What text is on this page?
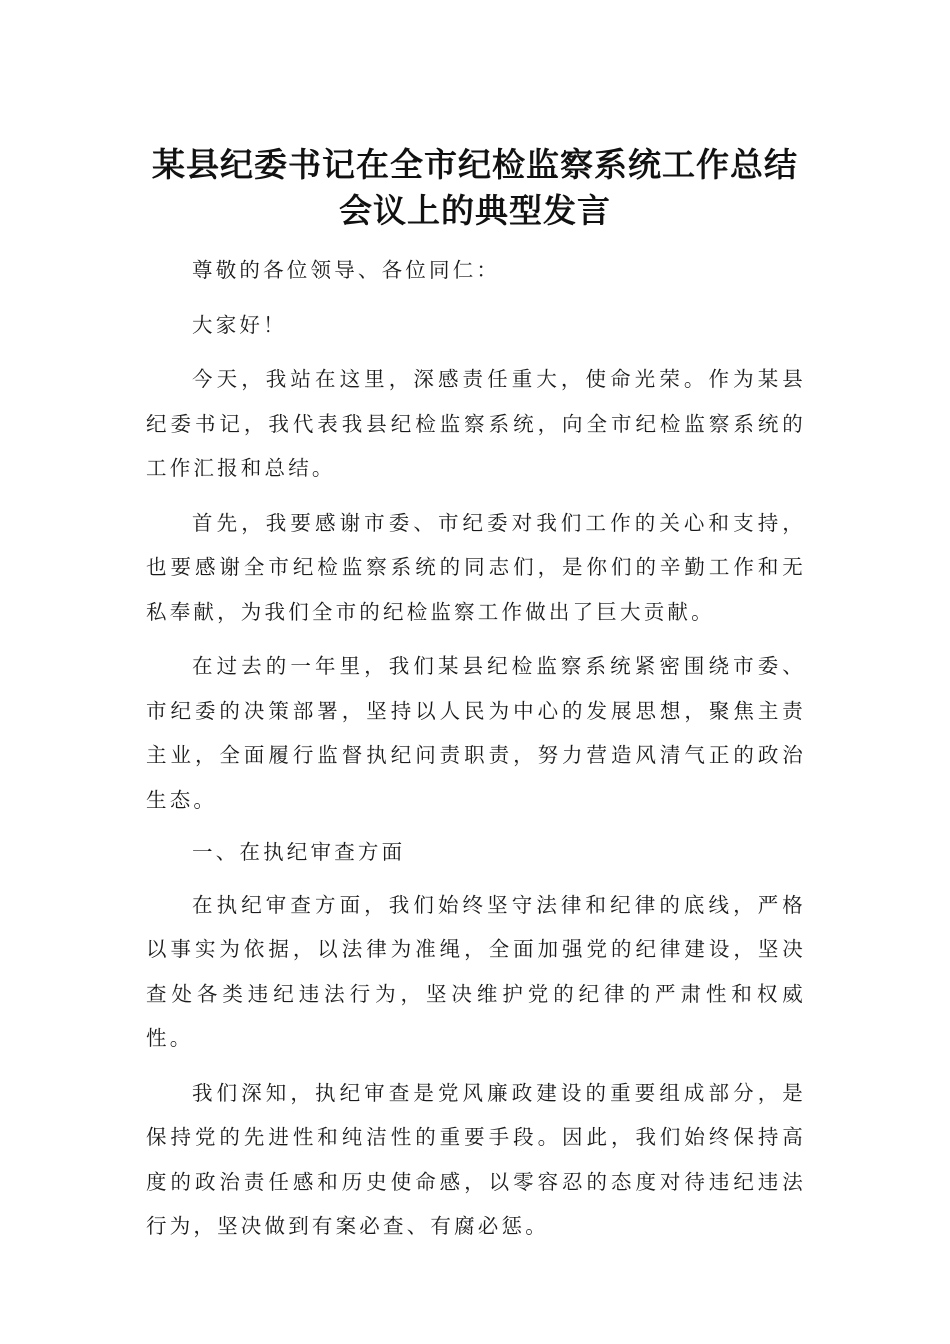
某县纪委书记在全市纪检监察系统工作总结会议上的典型发言

尊敬的各位领导、各位同仁：

大家好！

今天，我站在这里，深感责任重大，使命光荣。作为某县纪委书记，我代表我县纪检监察系统，向全市纪检监察系统的工作汇报和总结。

首先，我要感谢市委、市纪委对我们工作的关心和支持，也要感谢全市纪检监察系统的同志们，是你们的辛勤工作和无私奉献，为我们全市的纪检监察工作做出了巨大贡献。

在过去的一年里，我们某县纪检监察系统紧密围绕市委、市纪委的决策部署，坚持以人民为中心的发展思想，聚焦主责主业，全面履行监督执纪问责职责，努力营造风清气正的政治生态。

一、在执纪审查方面

在执纪审查方面，我们始终坚守法律和纪律的底线，严格以事实为依据，以法律为准绳，全面加强党的纪律建设，坚决查处各类违纪违法行为，坚决维护党的纪律的严肃性和权威性。

我们深知，执纪审查是党风廉政建设的重要组成部分，是保持党的先进性和纯洁性的重要手段。因此，我们始终保持高度的政治责任感和历史使命感，以零容忍的态度对待违纪违法行为，坚决做到有案必查、有腐必惩。
